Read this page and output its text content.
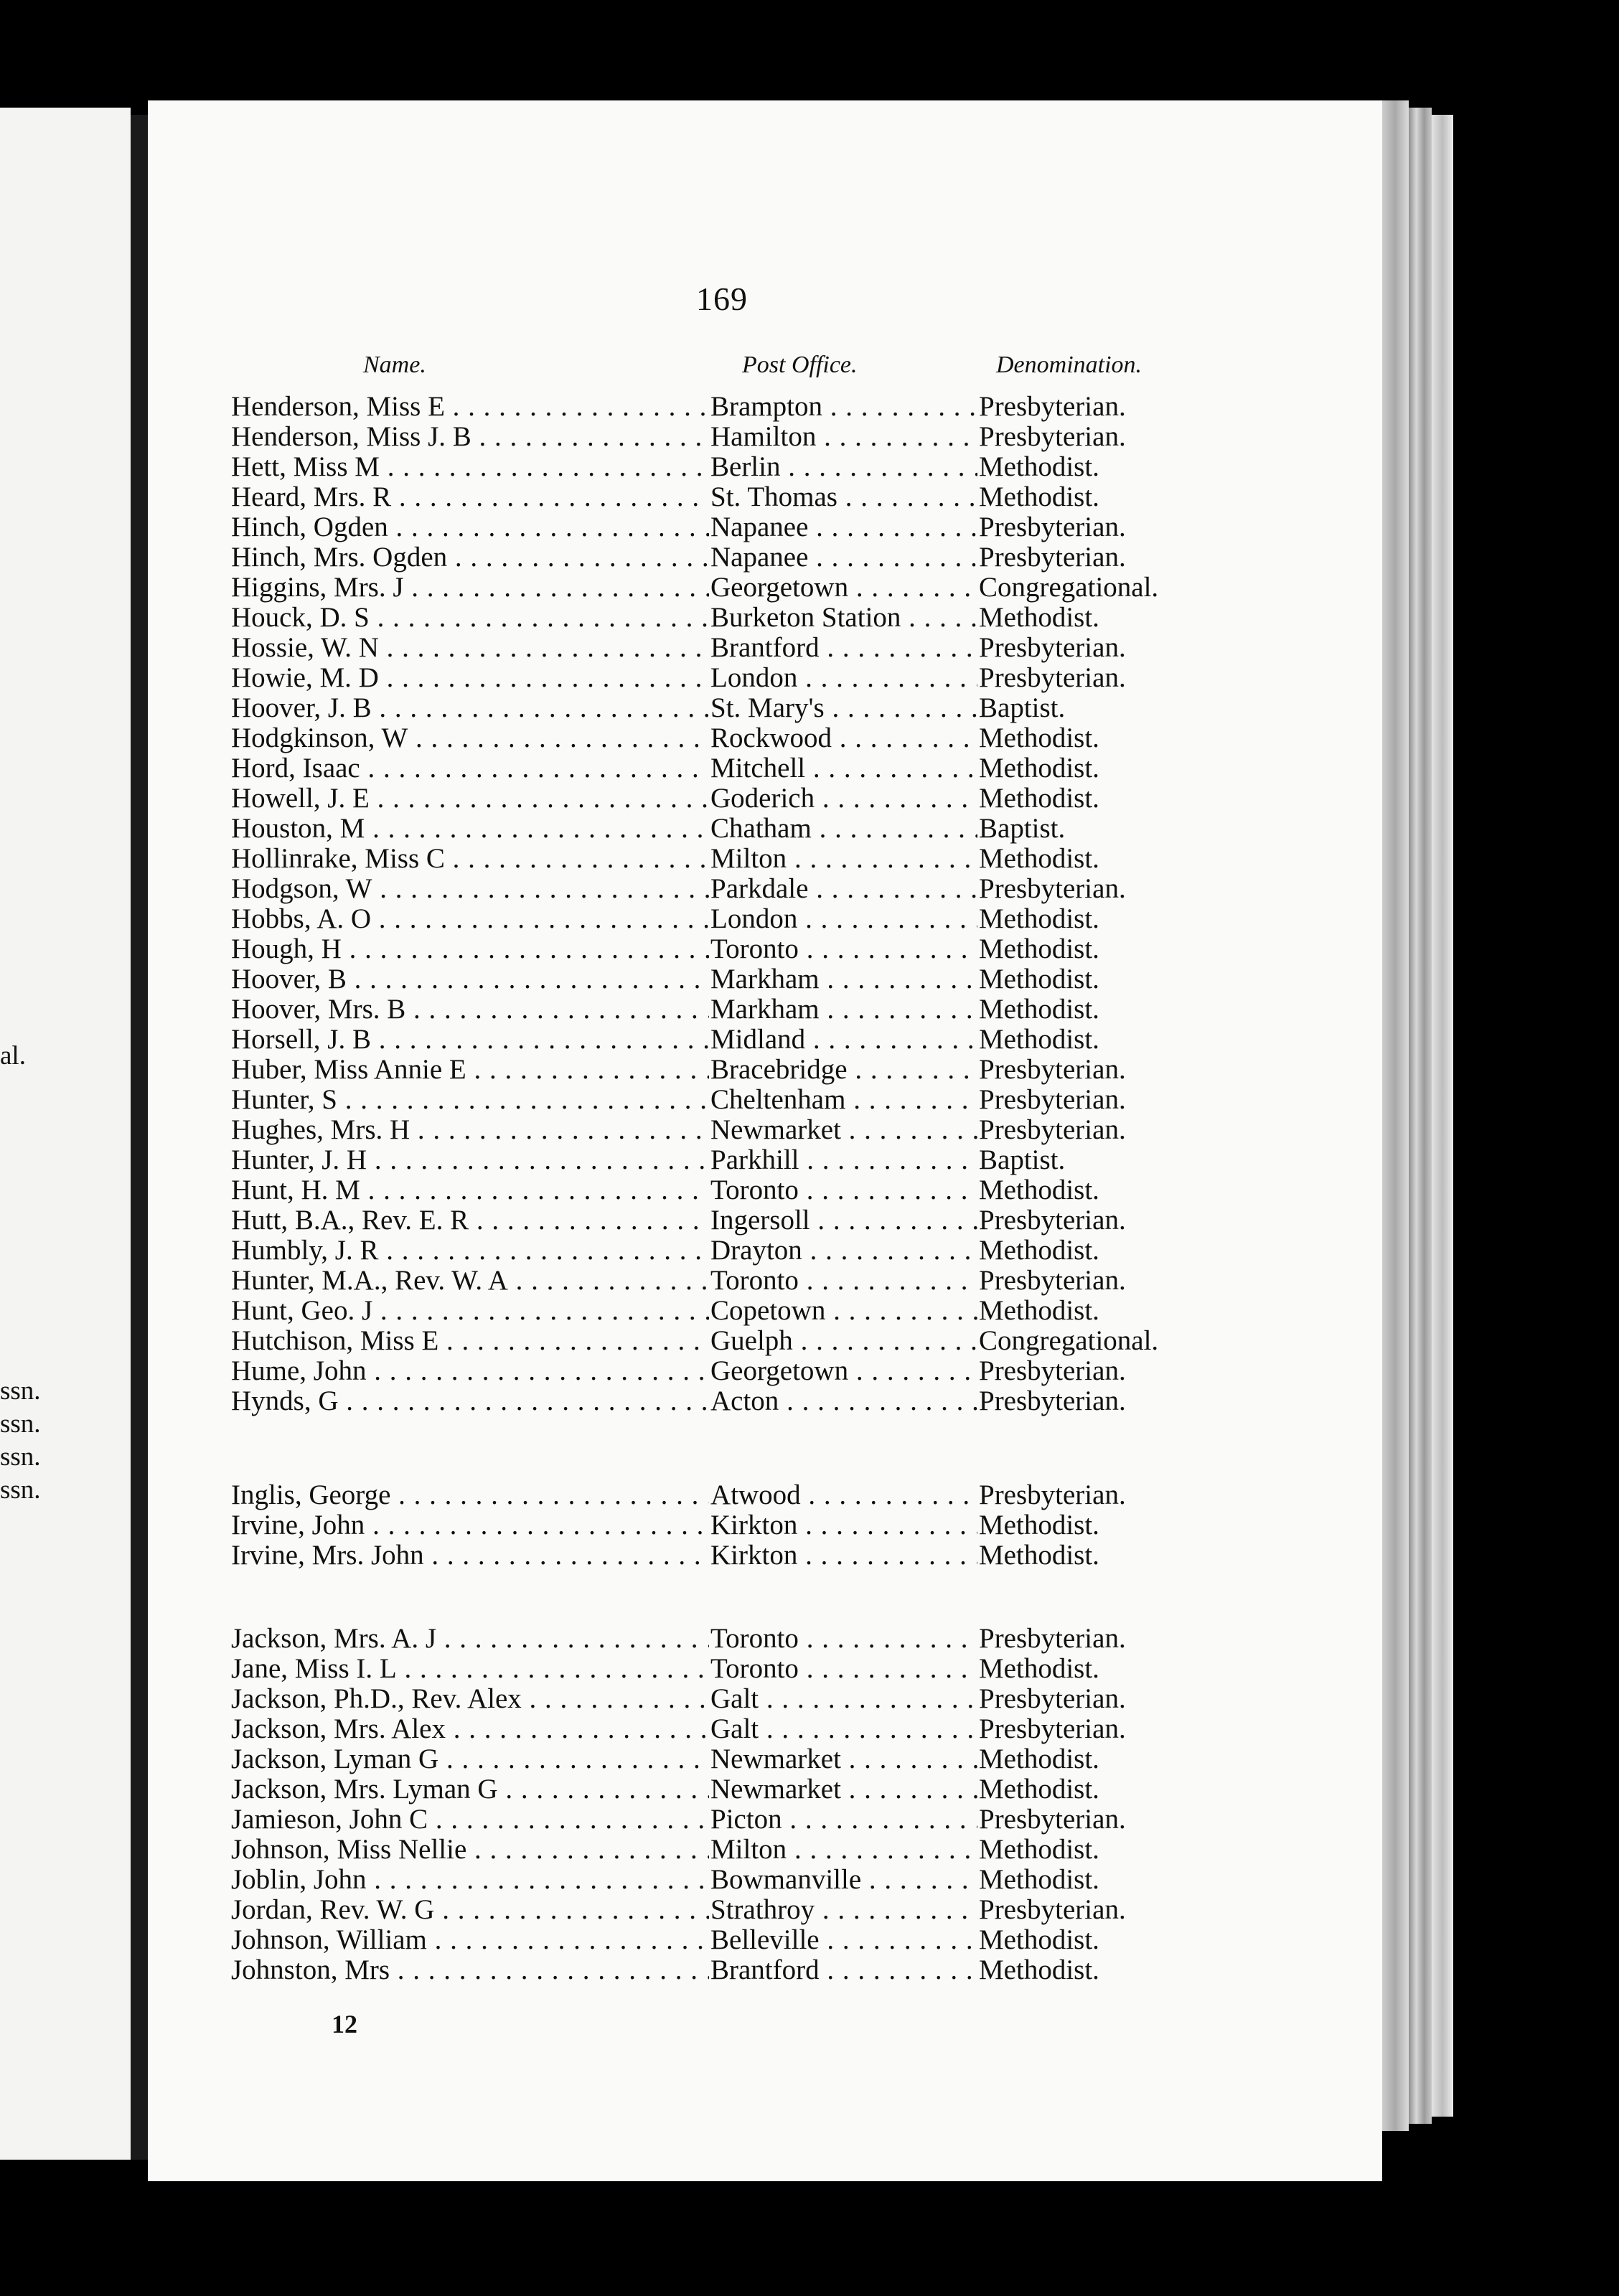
al.
ssn.
ssn.
ssn.
ssn.
169
Name.	Post Office.	Denomination.
Henderson, Miss E . . .	Brampton . . .	Presbyterian.
Henderson, Miss J. B . . .	Hamilton . . .	Presbyterian.
Hett, Miss M . . .	Berlin . . .	Methodist.
Heard, Mrs. R . . .	St. Thomas . . .	Methodist.
Hinch, Ogden . . .	Napanee . . .	Presbyterian.
Hinch, Mrs. Ogden . . .	Napanee . . .	Presbyterian.
Higgins, Mrs. J . . .	Georgetown . . .	Congregational.
Houck, D. S . . .	Burketon Station . . .	Methodist.
Hossie, W. N . . .	Brantford . . .	Presbyterian.
Howie, M. D . . .	London . . .	Presbyterian.
Hoover, J. B . . .	St. Mary's . . .	Baptist.
Hodgkinson, W . . .	Rockwood . . .	Methodist.
Hord, Isaac . . .	Mitchell . . .	Methodist.
Howell, J. E . . .	Goderich . . .	Methodist.
Houston, M . . .	Chatham . . .	Baptist.
Hollinrake, Miss C . . .	Milton . . .	Methodist.
Hodgson, W . . .	Parkdale . . .	Presbyterian.
Hobbs, A. O . . .	London . . .	Methodist.
Hough, H . . .	Toronto . . .	Methodist.
Hoover, B . . .	Markham . . .	Methodist.
Hoover, Mrs. B . . .	Markham . . .	Methodist.
Horsell, J. B . . .	Midland . . .	Methodist.
Huber, Miss Annie E . . .	Bracebridge . . .	Presbyterian.
Hunter, S . . .	Cheltenham . . .	Presbyterian.
Hughes, Mrs. H . . .	Newmarket . . .	Presbyterian.
Hunter, J. H . . .	Parkhill . . .	Baptist.
Hunt, H. M . . .	Toronto . . .	Methodist.
Hutt, B.A., Rev. E. R . . .	Ingersoll . . .	Presbyterian.
Humbly, J. R . . .	Drayton . . .	Methodist.
Hunter, M.A., Rev. W. A . . .	Toronto . . .	Presbyterian.
Hunt, Geo. J . . .	Copetown . . .	Methodist.
Hutchison, Miss E . . .	Guelph . . .	Congregational.
Hume, John . . .	Georgetown . . .	Presbyterian.
Hynds, G . . .	Acton . . .	Presbyterian.
Inglis, George . . .	Atwood . . .	Presbyterian.
Irvine, John . . .	Kirkton . . .	Methodist.
Irvine, Mrs. John . . .	Kirkton . . .	Methodist.
Jackson, Mrs. A. J . . .	Toronto . . .	Presbyterian.
Jane, Miss I. L . . .	Toronto . . .	Methodist.
Jackson, Ph.D., Rev. Alex . . .	Galt . . .	Presbyterian.
Jackson, Mrs. Alex . . .	Galt . . .	Presbyterian.
Jackson, Lyman G . . .	Newmarket . . .	Methodist.
Jackson, Mrs. Lyman G . . .	Newmarket . . .	Methodist.
Jamieson, John C . . .	Picton . . .	Presbyterian.
Johnson, Miss Nellie . . .	Milton . . .	Methodist.
Joblin, John . . .	Bowmanville . . .	Methodist.
Jordan, Rev. W. G . . .	Strathroy . . .	Presbyterian.
Johnson, William . . .	Belleville . . .	Methodist.
Johnston, Mrs . . .	Brantford . . .	Methodist.
12
